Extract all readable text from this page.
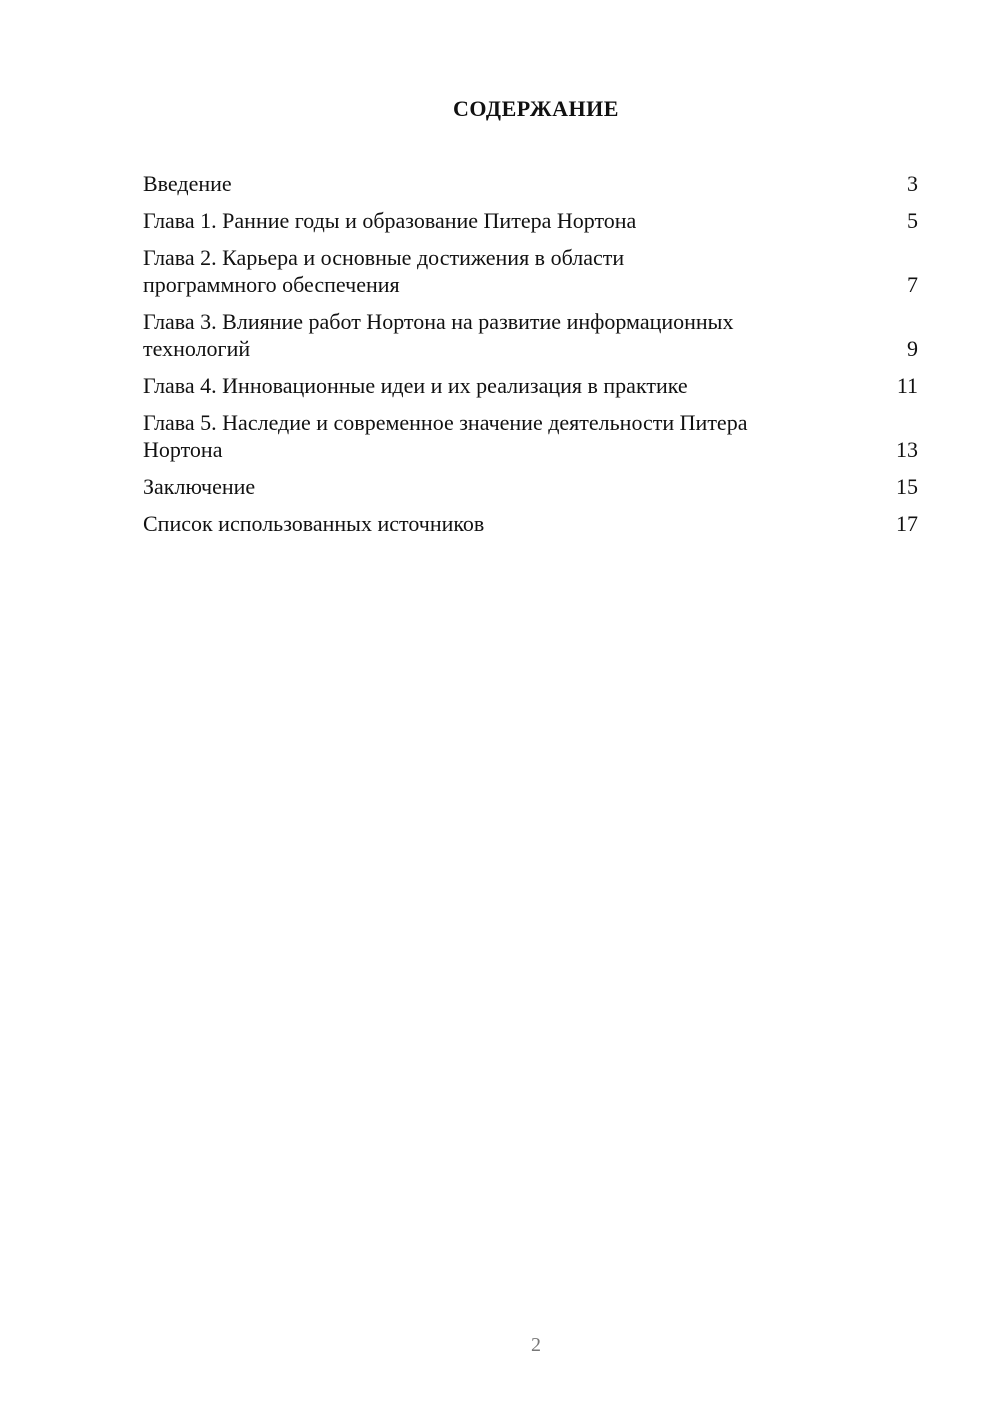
СОДЕРЖАНИЕ
Введение	3
Глава 1. Ранние годы и образование Питера Нортона	5
Глава 2. Карьера и основные достижения в области программного обеспечения	7
Глава 3. Влияние работ Нортона на развитие информационных технологий	9
Глава 4. Инновационные идеи и их реализация в практике	11
Глава 5. Наследие и современное значение деятельности Питера Нортона	13
Заключение	15
Список использованных источников	17
2
